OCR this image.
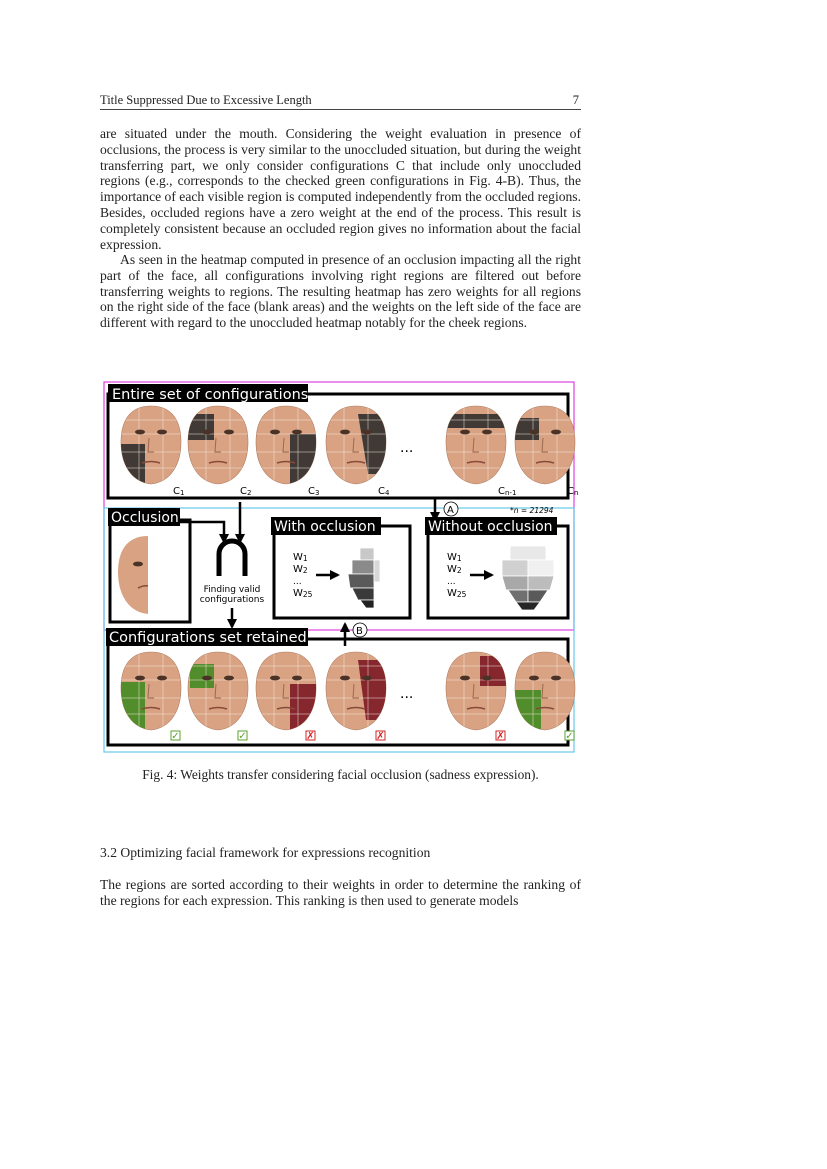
Title Suppressed Due to Excessive Length	7

are situated under the mouth. Considering the weight evaluation in presence of occlusions, the process is very similar to the unoccluded situation, but during the weight transferring part, we only consider configurations C that include only unoccluded regions (e.g., corresponds to the checked green configurations in Fig. 4-B). Thus, the importance of each visible region is computed independently from the occluded regions. Besides, occluded regions have a zero weight at the end of the process. This result is completely consistent because an occluded region gives no information about the facial expression.

As seen in the heatmap computed in presence of an occlusion impacting all the right part of the face, all configurations involving right regions are filtered out before transferring weights to regions. The resulting heatmap has zero weights for all regions on the right side of the face (blank areas) and the weights on the left side of the face are different with regard to the unoccluded heatmap notably for the cheek regions.

Entire set of configurations
C1	C2	C3	C4	Cn-1	Cn
...
A	*n = 21294
Occlusion
Finding valid
configurations
With occlusion
W1
W2
...
W25
Without occlusion
W1
W2
...
W25
B
Configurations set retained
✓	✓	✗	✗	✗	✓
...
Fig. 4: Weights transfer considering facial occlusion (sadness expression).
3.2 Optimizing facial framework for expressions recognition

The regions are sorted according to their weights in order to determine the ranking of the regions for each expression. This ranking is then used to generate models
